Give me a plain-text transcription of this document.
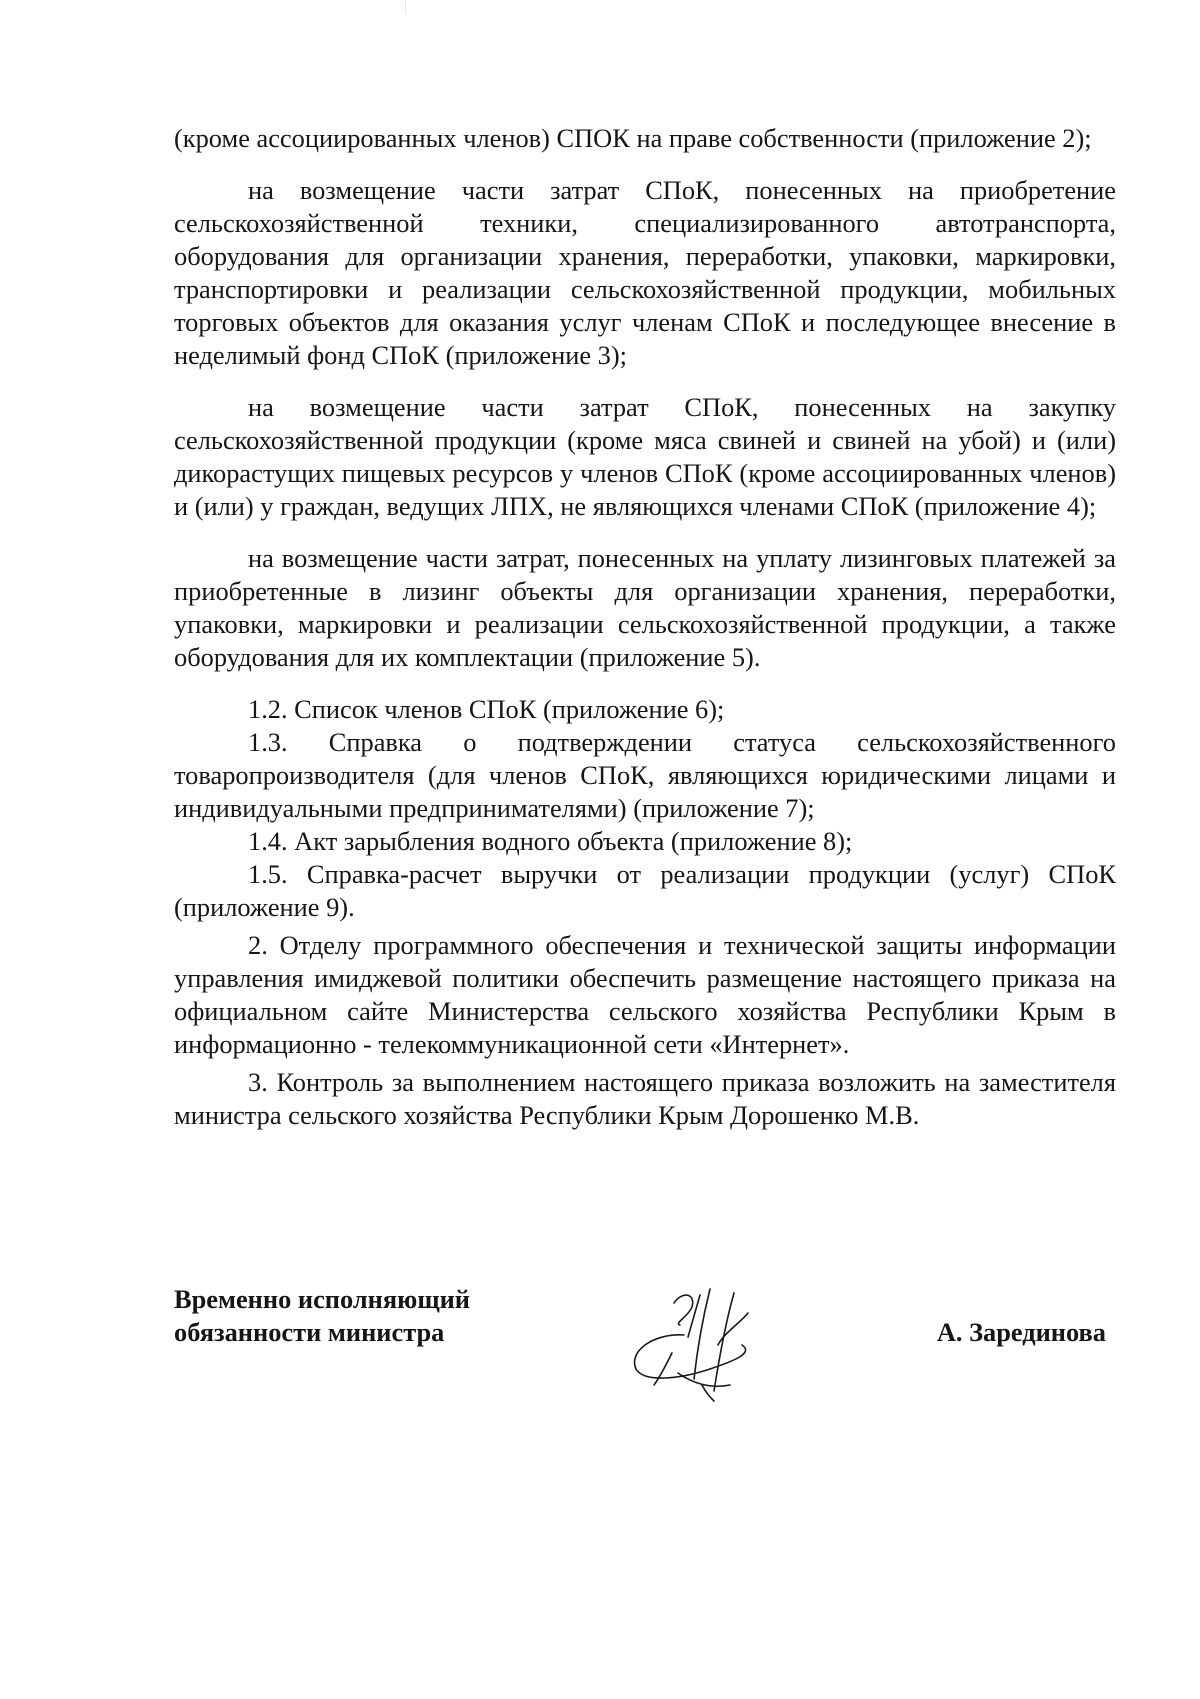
(кроме ассоциированных членов) СПОК на праве собственности (приложение 2);

на возмещение части затрат СПоК, понесенных на приобретение сельскохозяйственной техники, специализированного автотранспорта, оборудования для организации хранения, переработки, упаковки, маркировки, транспортировки и реализации сельскохозяйственной продукции, мобильных торговых объектов для оказания услуг членам СПоК и последующее внесение в неделимый фонд СПоК (приложение 3);

на возмещение части затрат СПоК, понесенных на закупку сельскохозяйственной продукции (кроме мяса свиней и свиней на убой) и (или) дикорастущих пищевых ресурсов у членов СПоК (кроме ассоциированных членов) и (или) у граждан, ведущих ЛПХ, не являющихся членами СПоК (приложение 4);

на возмещение части затрат, понесенных на уплату лизинговых платежей за приобретенные в лизинг объекты для организации хранения, переработки, упаковки, маркировки и реализации сельскохозяйственной продукции, а также оборудования для их комплектации (приложение 5).

1.2. Список членов СПоК (приложение 6);

1.3. Справка о подтверждении статуса сельскохозяйственного товаропроизводителя (для членов СПоК, являющихся юридическими лицами и индивидуальными предпринимателями) (приложение 7);

1.4. Акт зарыбления водного объекта (приложение 8);

1.5. Справка-расчет выручки от реализации продукции (услуг) СПоК (приложение 9).

2. Отделу программного обеспечения и технической защиты информации управления имиджевой политики обеспечить размещение настоящего приказа на официальном сайте Министерства сельского хозяйства Республики Крым в информационно - телекоммуникационной сети «Интернет».

3. Контроль за выполнением настоящего приказа возложить на заместителя министра сельского хозяйства Республики Крым Дорошенко М.В.

Временно исполняющий
обязанности министра	А. Зарединова
